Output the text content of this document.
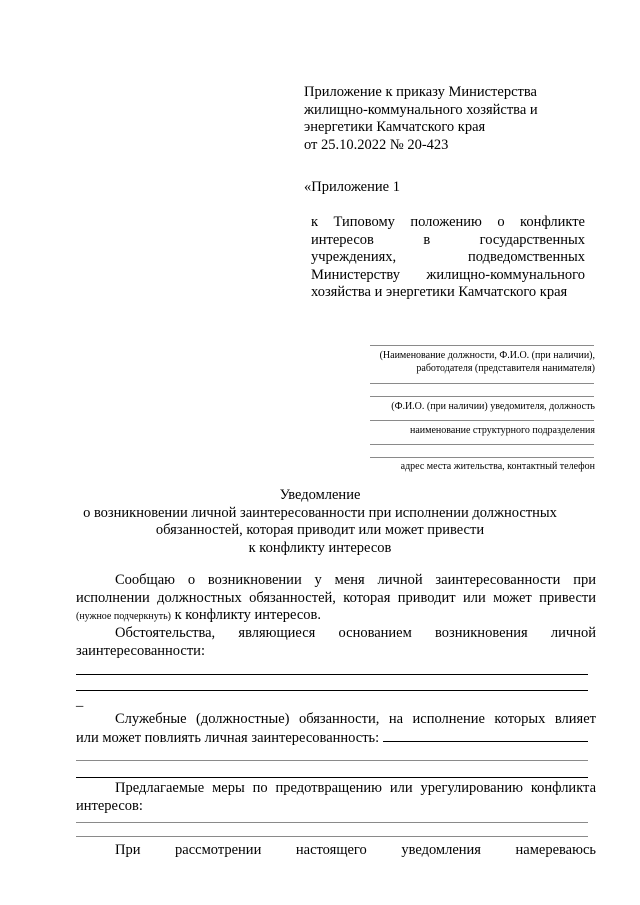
Приложение к приказу Министерства
жилищно-коммунального хозяйства и
энергетики Камчатского края
от 25.10.2022 № 20-423
«Приложение 1
к Типовому положению о конфликте
интересов в государственных
учреждениях, подведомственных
Министерству жилищно-коммунального
хозяйства и энергетики Камчатского края
(Наименование должности, Ф.И.О. (при наличии),
работодателя (представителя нанимателя)
(Ф.И.О. (при наличии) уведомителя, должность
наименование структурного подразделения
адрес места жительства, контактный телефон
Уведомление
о возникновении личной заинтересованности при исполнении должностных
обязанностей, которая приводит или может привести
к конфликту интересов
Сообщаю о возникновении у меня личной заинтересованности при
исполнении должностных обязанностей, которая приводит или может привести
(нужное подчеркнуть) к конфликту интересов.
Обстоятельства, являющиеся основанием возникновения личной
заинтересованности:
_
Служебные (должностные) обязанности, на исполнение которых влияет
или может повлиять личная заинтересованность:
Предлагаемые меры по предотвращению или урегулированию конфликта
интересов:
При рассмотрении настоящего уведомления намереваюсь
